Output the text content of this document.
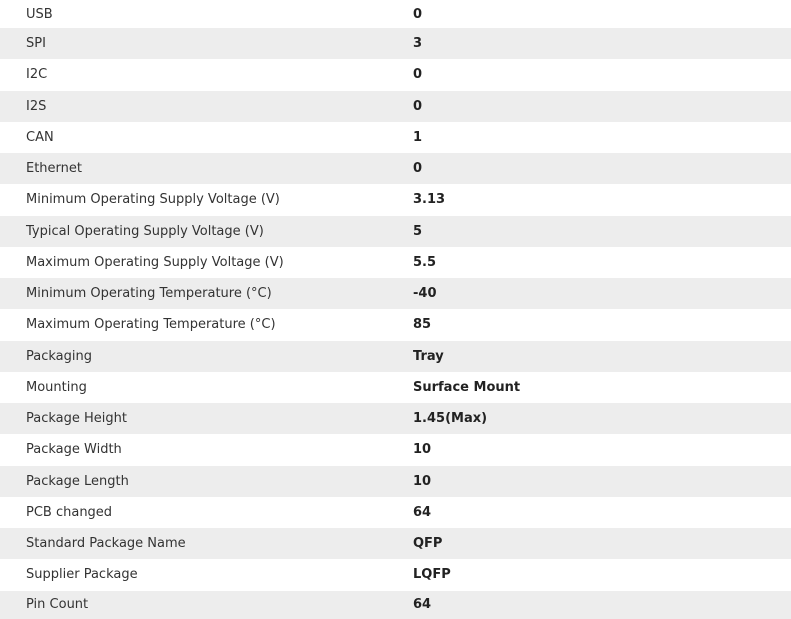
USB	0
SPI	3
I2C	0
I2S	0
CAN	1
Ethernet	0
Minimum Operating Supply Voltage (V)	3.13
Typical Operating Supply Voltage (V)	5
Maximum Operating Supply Voltage (V)	5.5
Minimum Operating Temperature (°C)	-40
Maximum Operating Temperature (°C)	85
Packaging	Tray
Mounting	Surface Mount
Package Height	1.45(Max)
Package Width	10
Package Length	10
PCB changed	64
Standard Package Name	QFP
Supplier Package	LQFP
Pin Count	64
